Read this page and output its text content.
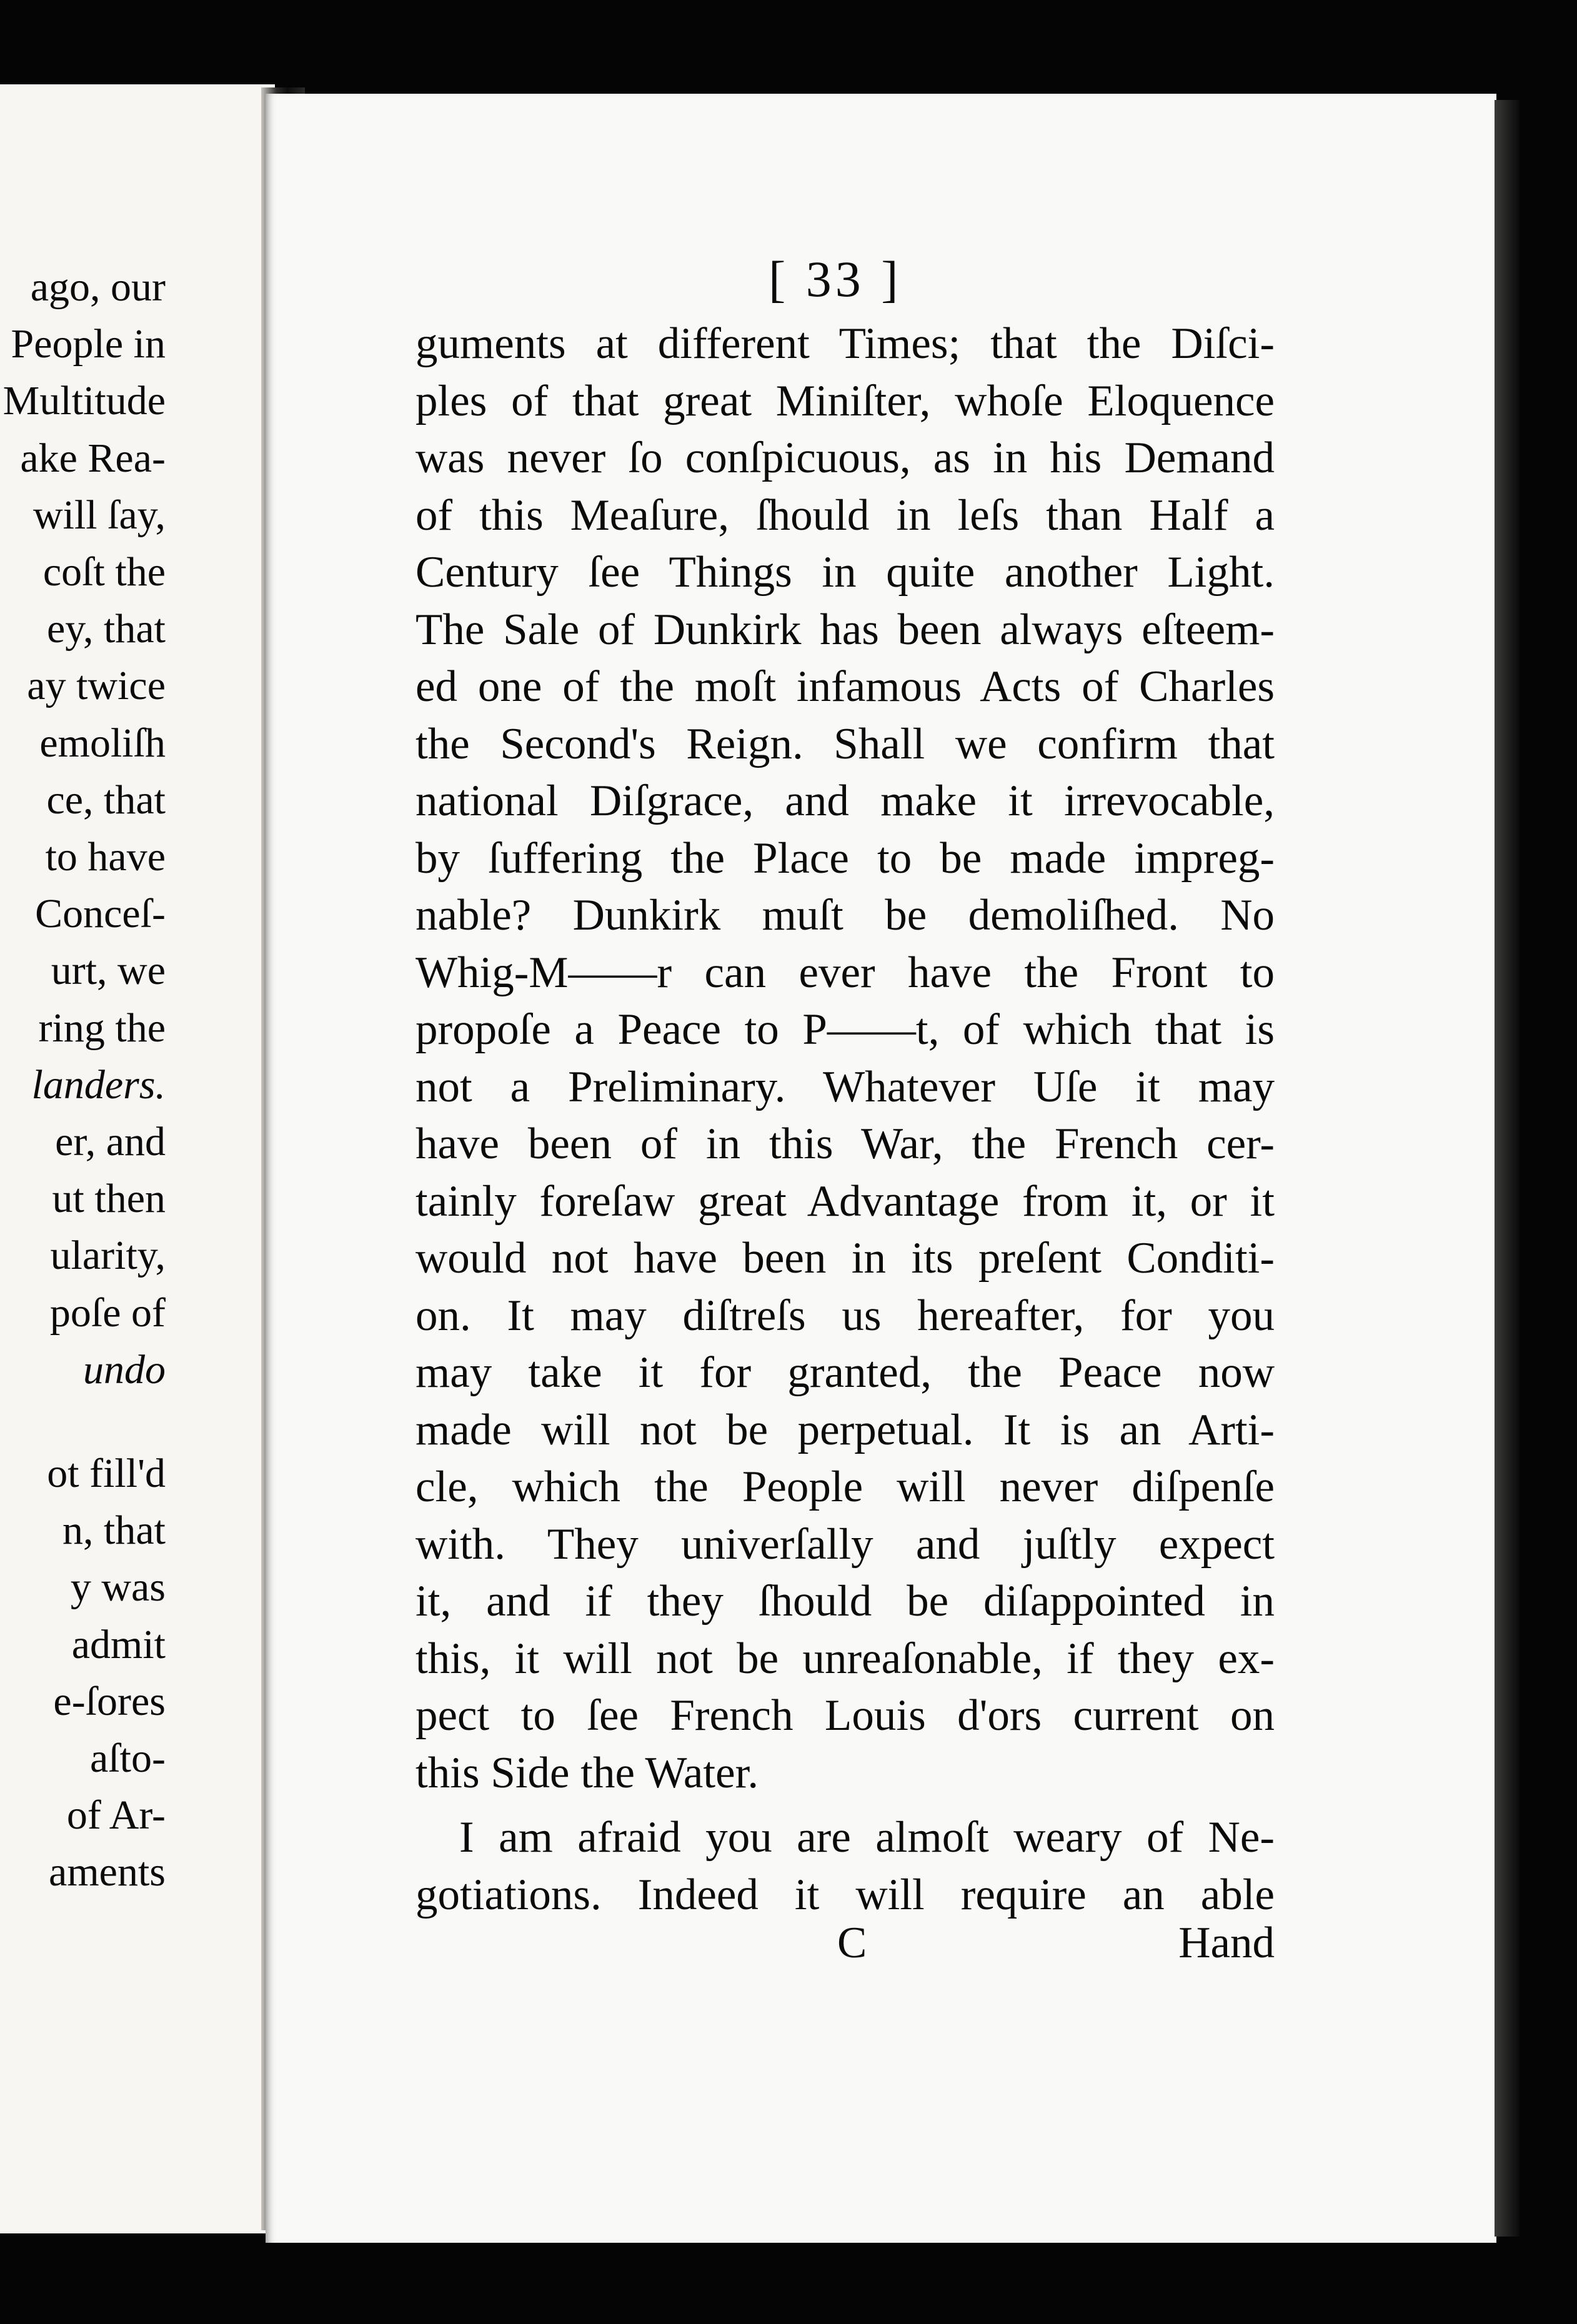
ago, our
People in
Multitude
ake Rea-
will ſay,
coſt the
ey, that
ay twice
emoliſh
ce, that
to have
Conceſ-
urt, we
ring the
landers.
er, and
ut then
ularity,
poſe of
undo
ot fill'd
n, that
y was
admit
e-ſores
aſto-
of Ar-
aments
[ 33 ]
guments at different Times; that the Diſci-
ples of that great Miniſter, whoſe Eloquence
was never ſo conſpicuous, as in his Demand
of this Meaſure, ſhould in leſs than Half a
Century ſee Things in quite another Light.
The Sale of Dunkirk has been always eſteem-
ed one of the moſt infamous Acts of Charles
the Second's Reign. Shall we confirm that
national Diſgrace, and make it irrevocable,
by ſuffering the Place to be made impreg-
nable? Dunkirk muſt be demoliſhed. No
Whig-M——r can ever have the Front to
propoſe a Peace to P——t, of which that is
not a Preliminary. Whatever Uſe it may
have been of in this War, the French cer-
tainly foreſaw great Advantage from it, or it
would not have been in its preſent Conditi-
on. It may diſtreſs us hereafter, for you
may take it for granted, the Peace now
made will not be perpetual. It is an Arti-
cle, which the People will never diſpenſe
with. They univerſally and juſtly expect
it, and if they ſhould be diſappointed in
this, it will not be unreaſonable, if they ex-
pect to ſee French Louis d'ors current on
this Side the Water.
I am afraid you are almoſt weary of Ne-
gotiations. Indeed it will require an able
C	Hand
